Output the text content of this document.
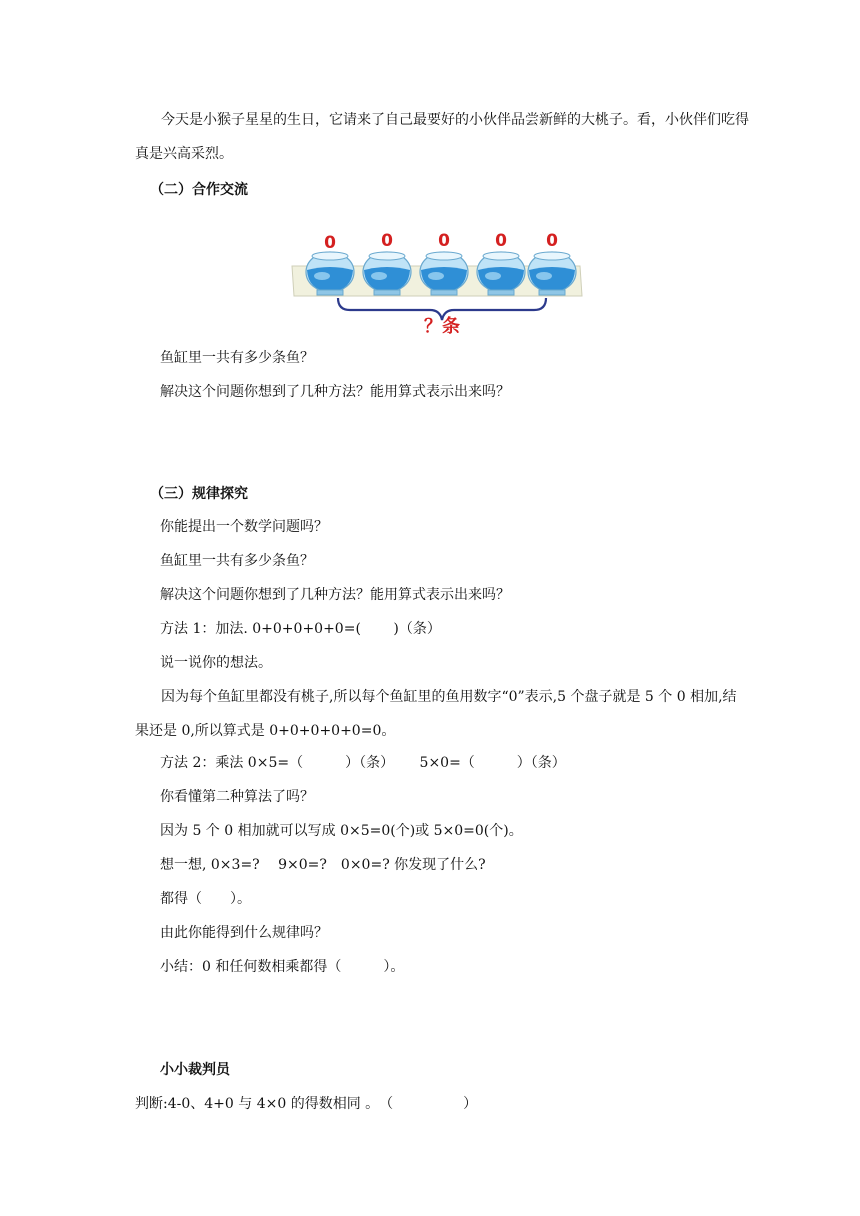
今天是小猴子星星的生日，它请来了自己最要好的小伙伴品尝新鲜的大桃子。看，小伙伴们吃得真是兴高采烈。
（二）合作交流
0	0	0	0 0
？条
鱼缸里一共有多少条鱼？
解决这个问题你想到了几种方法？能用算式表示出来吗？
（三）规律探究
你能提出一个数学问题吗？
鱼缸里一共有多少条鱼？
解决这个问题你想到了几种方法？能用算式表示出来吗？
方法 1：加法. 0+0+0+0+0=(　　 )（条）
说一说你的想法。
因为每个鱼缸里都没有桃子,所以每个鱼缸里的鱼用数字“0”表示,5 个盘子就是 5 个 0 相加,结果还是 0,所以算式是 0+0+0+0+0=0。
方法 2：乘法 0×5=（　　　）（条）　　 5×0=（　　　）（条）
你看懂第二种算法了吗？
因为 5 个 0 相加就可以写成 0×5=0(个)或 5×0=0(个)。
想一想, 0×3=?　 9×0=?　0×0=? 你发现了什么?
都得（　　）。
由此你能得到什么规律吗？
小结：0 和任何数相乘都得（　　　）。
小小裁判员
判断:4-0、4+0 与 4×0 的得数相同 。　（　　　　　）
